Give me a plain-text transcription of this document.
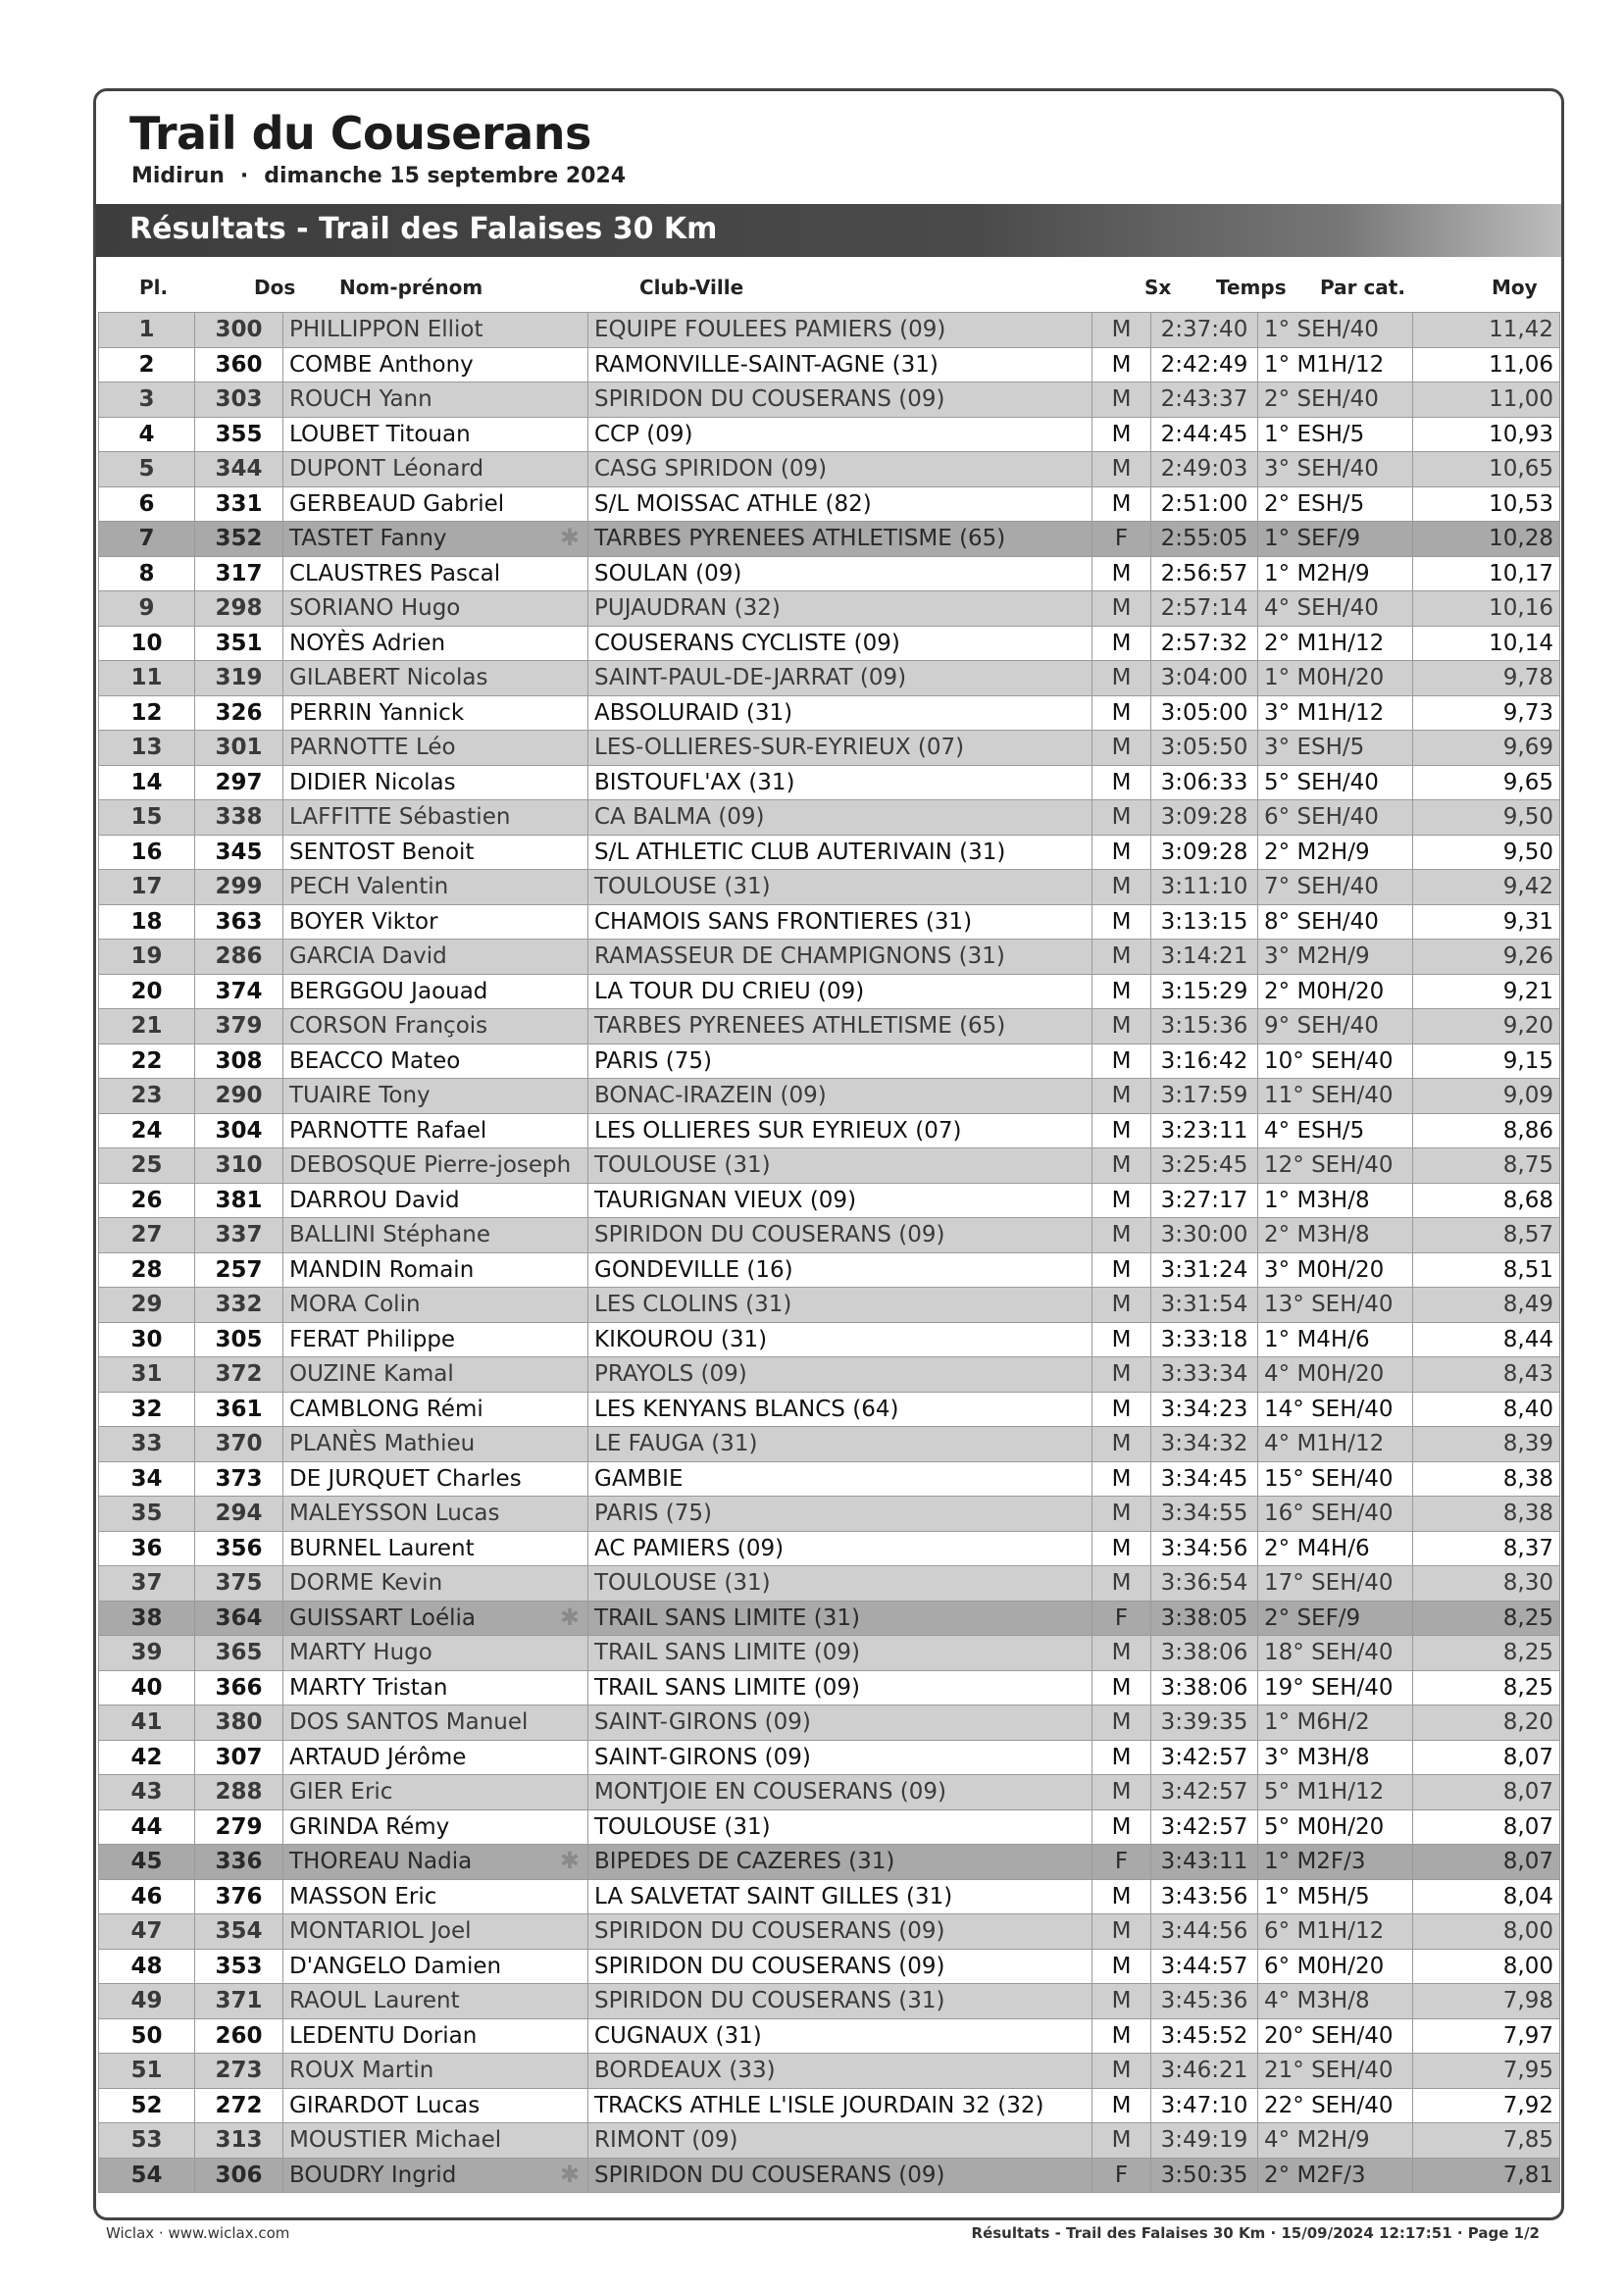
Trail du Couserans
Midirun · dimanche 15 septembre 2024
Résultats - Trail des Falaises 30 Km
Pl.	Dos Nom-prénom	Club-Ville	Sx Temps Par cat.	Moy
1	300	PHILLIPPON Elliot	EQUIPE FOULEES PAMIERS (09)	M	2:37:40	1° SEH/40	11,42
2	360	COMBE Anthony	RAMONVILLE-SAINT-AGNE (31)	M	2:42:49	1° M1H/12	11,06
3	303	ROUCH Yann	SPIRIDON DU COUSERANS (09)	M	2:43:37	2° SEH/40	11,00
4	355	LOUBET Titouan	CCP (09)	M	2:44:45	1° ESH/5	10,93
5	344	DUPONT Léonard	CASG SPIRIDON (09)	M	2:49:03	3° SEH/40	10,65
6	331	GERBEAUD Gabriel	S/L MOISSAC ATHLE (82)	M	2:51:00	2° ESH/5	10,53
7	352	TASTET Fanny ✱	TARBES PYRENEES ATHLETISME (65)	F	2:55:05	1° SEF/9	10,28
8	317	CLAUSTRES Pascal	SOULAN (09)	M	2:56:57	1° M2H/9	10,17
9	298	SORIANO Hugo	PUJAUDRAN (32)	M	2:57:14	4° SEH/40	10,16
10	351	NOYÈS Adrien	COUSERANS CYCLISTE (09)	M	2:57:32	2° M1H/12	10,14
11	319	GILABERT Nicolas	SAINT-PAUL-DE-JARRAT (09)	M	3:04:00	1° M0H/20	9,78
12	326	PERRIN Yannick	ABSOLURAID (31)	M	3:05:00	3° M1H/12	9,73
13	301	PARNOTTE Léo	LES-OLLIERES-SUR-EYRIEUX (07)	M	3:05:50	3° ESH/5	9,69
14	297	DIDIER Nicolas	BISTOUFL'AX (31)	M	3:06:33	5° SEH/40	9,65
15	338	LAFFITTE Sébastien	CA BALMA (09)	M	3:09:28	6° SEH/40	9,50
16	345	SENTOST Benoit	S/L ATHLETIC CLUB AUTERIVAIN (31)	M	3:09:28	2° M2H/9	9,50
17	299	PECH Valentin	TOULOUSE (31)	M	3:11:10	7° SEH/40	9,42
18	363	BOYER Viktor	CHAMOIS SANS FRONTIERES (31)	M	3:13:15	8° SEH/40	9,31
19	286	GARCIA David	RAMASSEUR DE CHAMPIGNONS (31)	M	3:14:21	3° M2H/9	9,26
20	374	BERGGOU Jaouad	LA TOUR DU CRIEU (09)	M	3:15:29	2° M0H/20	9,21
21	379	CORSON François	TARBES PYRENEES ATHLETISME (65)	M	3:15:36	9° SEH/40	9,20
22	308	BEACCO Mateo	PARIS (75)	M	3:16:42	10° SEH/40	9,15
23	290	TUAIRE Tony	BONAC-IRAZEIN (09)	M	3:17:59	11° SEH/40	9,09
24	304	PARNOTTE Rafael	LES OLLIERES SUR EYRIEUX (07)	M	3:23:11	4° ESH/5	8,86
25	310	DEBOSQUE Pierre-joseph	TOULOUSE (31)	M	3:25:45	12° SEH/40	8,75
26	381	DARROU David	TAURIGNAN VIEUX (09)	M	3:27:17	1° M3H/8	8,68
27	337	BALLINI Stéphane	SPIRIDON DU COUSERANS (09)	M	3:30:00	2° M3H/8	8,57
28	257	MANDIN Romain	GONDEVILLE (16)	M	3:31:24	3° M0H/20	8,51
29	332	MORA Colin	LES CLOLINS (31)	M	3:31:54	13° SEH/40	8,49
30	305	FERAT Philippe	KIKOUROU (31)	M	3:33:18	1° M4H/6	8,44
31	372	OUZINE Kamal	PRAYOLS (09)	M	3:33:34	4° M0H/20	8,43
32	361	CAMBLONG Rémi	LES KENYANS BLANCS (64)	M	3:34:23	14° SEH/40	8,40
33	370	PLANÈS Mathieu	LE FAUGA (31)	M	3:34:32	4° M1H/12	8,39
34	373	DE JURQUET Charles	GAMBIE	M	3:34:45	15° SEH/40	8,38
35	294	MALEYSSON Lucas	PARIS (75)	M	3:34:55	16° SEH/40	8,38
36	356	BURNEL Laurent	AC PAMIERS (09)	M	3:34:56	2° M4H/6	8,37
37	375	DORME Kevin	TOULOUSE (31)	M	3:36:54	17° SEH/40	8,30
38	364	GUISSART Loélia ✱	TRAIL SANS LIMITE (31)	F	3:38:05	2° SEF/9	8,25
39	365	MARTY Hugo	TRAIL SANS LIMITE (09)	M	3:38:06	18° SEH/40	8,25
40	366	MARTY Tristan	TRAIL SANS LIMITE (09)	M	3:38:06	19° SEH/40	8,25
41	380	DOS SANTOS Manuel	SAINT-GIRONS (09)	M	3:39:35	1° M6H/2	8,20
42	307	ARTAUD Jérôme	SAINT-GIRONS (09)	M	3:42:57	3° M3H/8	8,07
43	288	GIER Eric	MONTJOIE EN COUSERANS (09)	M	3:42:57	5° M1H/12	8,07
44	279	GRINDA Rémy	TOULOUSE (31)	M	3:42:57	5° M0H/20	8,07
45	336	THOREAU Nadia ✱	BIPEDES DE CAZERES (31)	F	3:43:11	1° M2F/3	8,07
46	376	MASSON Eric	LA SALVETAT SAINT GILLES (31)	M	3:43:56	1° M5H/5	8,04
47	354	MONTARIOL Joel	SPIRIDON DU COUSERANS (09)	M	3:44:56	6° M1H/12	8,00
48	353	D'ANGELO Damien	SPIRIDON DU COUSERANS (09)	M	3:44:57	6° M0H/20	8,00
49	371	RAOUL Laurent	SPIRIDON DU COUSERANS (31)	M	3:45:36	4° M3H/8	7,98
50	260	LEDENTU Dorian	CUGNAUX (31)	M	3:45:52	20° SEH/40	7,97
51	273	ROUX Martin	BORDEAUX (33)	M	3:46:21	21° SEH/40	7,95
52	272	GIRARDOT Lucas	TRACKS ATHLE L'ISLE JOURDAIN 32 (32)	M	3:47:10	22° SEH/40	7,92
53	313	MOUSTIER Michael	RIMONT (09)	M	3:49:19	4° M2H/9	7,85
54	306	BOUDRY Ingrid ✱	SPIRIDON DU COUSERANS (09)	F	3:50:35	2° M2F/3	7,81
Wiclax · www.wiclax.com	Résultats - Trail des Falaises 30 Km · 15/09/2024 12:17:51 · Page 1/2
